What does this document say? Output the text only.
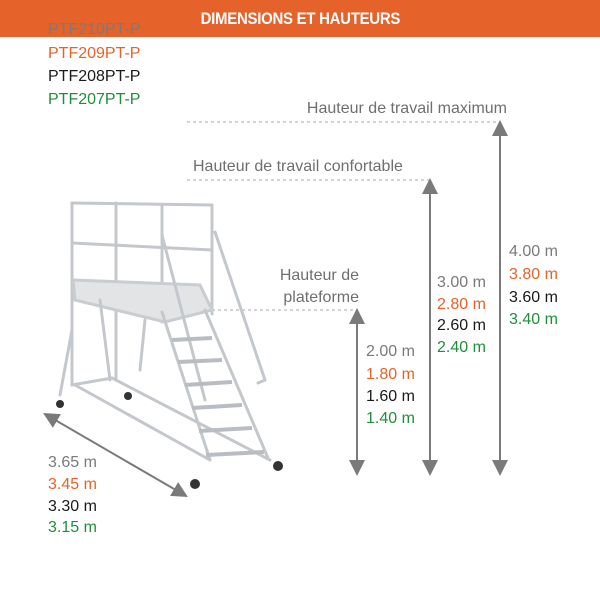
DIMENSIONS ET HAUTEURS
PTF210PT-P
PTF209PT-P
PTF208PT-P
PTF207PT-P
Hauteur de travail maximum
Hauteur de travail confortable
Hauteur de
plateforme
4.00 m
3.80 m
3.60 m
3.40 m
3.00 m
2.80 m
2.60 m
2.40 m
2.00 m
1.80 m
1.60 m
1.40 m
3.65 m
3.45 m
3.30 m
3.15 m
